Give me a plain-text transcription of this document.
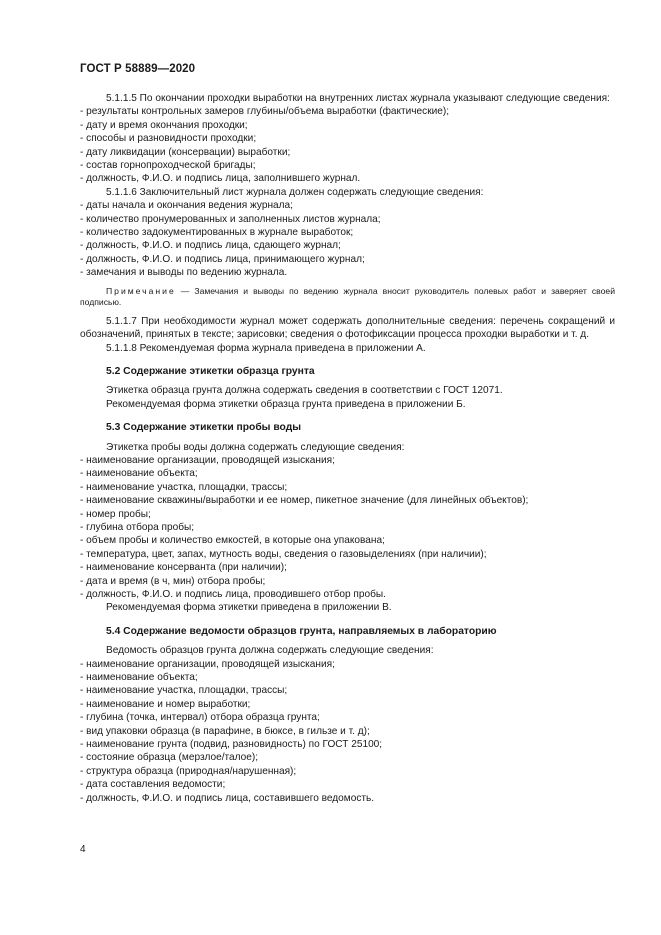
ГОСТ Р 58889—2020

5.1.1.5 По окончании проходки выработки на внутренних листах журнала указывают следующие сведения:

- результаты контрольных замеров глубины/объема выработки (фактические);

- дату и время окончания проходки;

- способы и разновидности проходки;

- дату ликвидации (консервации) выработки;

- состав горнопроходческой бригады;

- должность, Ф.И.О. и подпись лица, заполнившего журнал.

5.1.1.6 Заключительный лист журнала должен содержать следующие сведения:

- даты начала и окончания ведения журнала;

- количество пронумерованных и заполненных листов журнала;

- количество задокументированных в журнале выработок;

- должность, Ф.И.О. и подпись лица, сдающего журнал;

- должность, Ф.И.О. и подпись лица, принимающего журнал;

- замечания и выводы по ведению журнала.

Примечание — Замечания и выводы по ведению журнала вносит руководитель полевых работ и заверяет своей подписью.

5.1.1.7 При необходимости журнал может содержать дополнительные сведения: перечень сокращений и обозначений, принятых в тексте; зарисовки; сведения о фотофиксации процесса проходки выработки и т. д.

5.1.1.8 Рекомендуемая форма журнала приведена в приложении А.

5.2 Содержание этикетки образца грунта

Этикетка образца грунта должна содержать сведения в соответствии с ГОСТ 12071.

Рекомендуемая форма этикетки образца грунта приведена в приложении Б.

5.3 Содержание этикетки пробы воды

Этикетка пробы воды должна содержать следующие сведения:

- наименование организации, проводящей изыскания;

- наименование объекта;

- наименование участка, площадки, трассы;

- наименование скважины/выработки и ее номер, пикетное значение (для линейных объектов);

- номер пробы;

- глубина отбора пробы;

- объем пробы и количество емкостей, в которые она упакована;

- температура, цвет, запах, мутность воды, сведения о газовыделениях (при наличии);

- наименование консерванта (при наличии);

- дата и время (в ч, мин) отбора пробы;

- должность, Ф.И.О. и подпись лица, проводившего отбор пробы.

Рекомендуемая форма этикетки приведена в приложении В.

5.4 Содержание ведомости образцов грунта, направляемых в лабораторию

Ведомость образцов грунта должна содержать следующие сведения:

- наименование организации, проводящей изыскания;

- наименование объекта;

- наименование участка, площадки, трассы;

- наименование и номер выработки;

- глубина (точка, интервал) отбора образца грунта;

- вид упаковки образца (в парафине, в бюксе, в гильзе и т. д);

- наименование грунта (подвид, разновидность) по ГОСТ 25100;

- состояние образца (мерзлое/талое);

- структура образца (природная/нарушенная);

- дата составления ведомости;

- должность, Ф.И.О. и подпись лица, составившего ведомость.

4
